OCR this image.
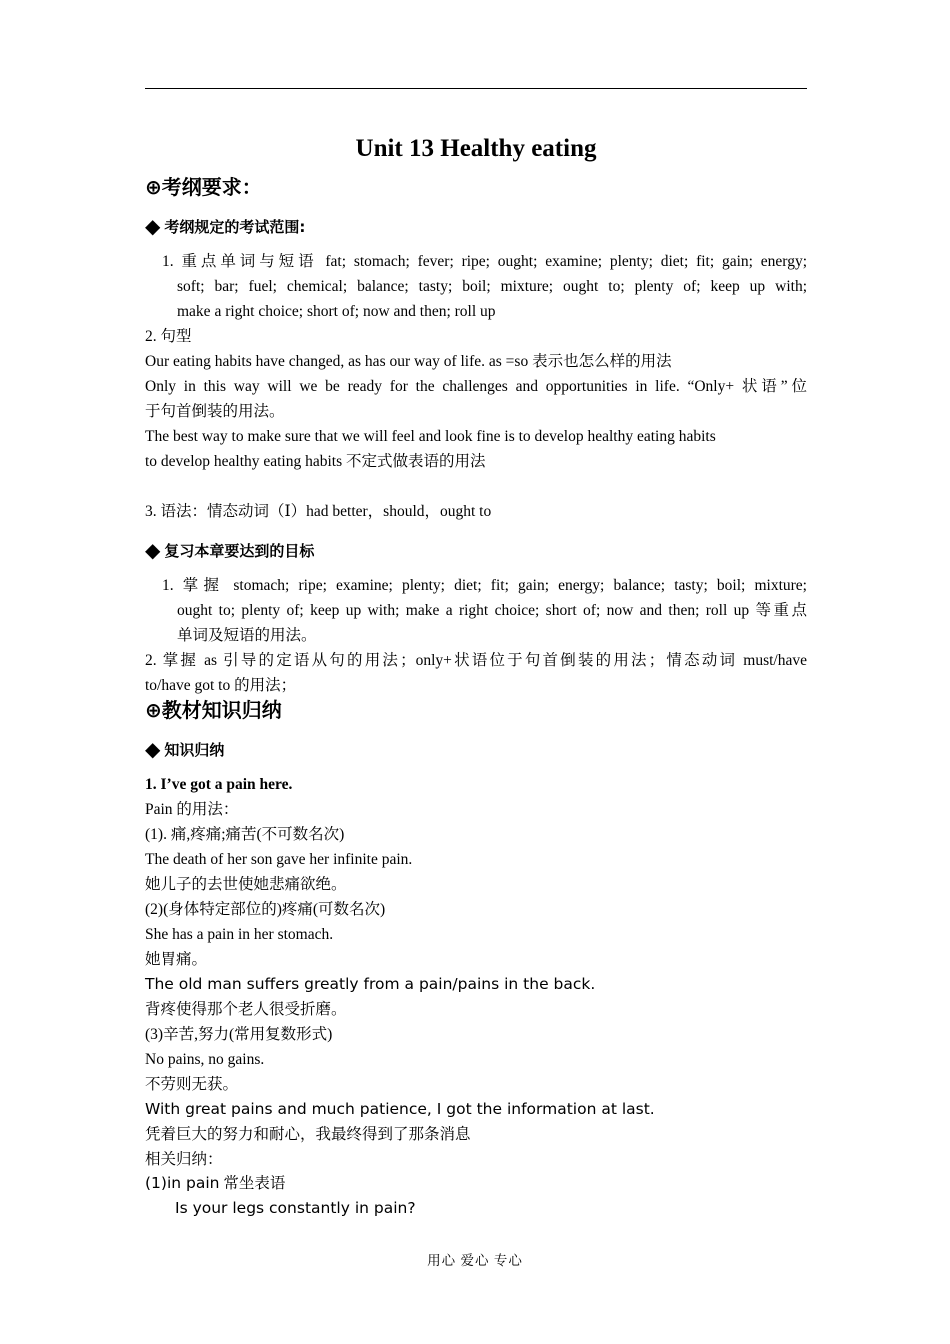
Unit 13 Healthy eating
⊕考纲要求：
◆ 考纲规定的考试范围:
1. 重点单词与短语 fat; stomach; fever; ripe; ought; examine; plenty; diet; fit; gain; energy;
soft; bar; fuel; chemical; balance; tasty; boil; mixture; ought to; plenty of; keep up with;
make a right choice; short of; now and then; roll up
2. 句型
Our eating habits have changed, as has our way of life. as =so 表示也怎么样的用法
Only in this way will we be ready for the challenges and opportunities in life. “Only+ 状语”位
于句首倒装的用法。
The best way to make sure that we will feel and look fine is to develop healthy eating habits
to develop healthy eating habits 不定式做表语的用法
3. 语法：情态动词（Ⅰ）had better，should，ought to
◆ 复习本章要达到的目标
1. 掌握 stomach; ripe; examine; plenty; diet; fit; gain; energy; balance; tasty; boil; mixture;
ought to; plenty of; keep up with; make a right choice; short of; now and then; roll up 等重点
单词及短语的用法。
2. 掌握 as 引导的定语从句的用法；only+状语位于句首倒装的用法；情态动词 must/have
to/have got to 的用法；
⊕教材知识归纳
◆ 知识归纳
1. I’ve got a pain here.
Pain 的用法：
(1). 痛,疼痛;痛苦(不可数名次)
The death of her son gave her infinite pain.
她儿子的去世使她悲痛欲绝。
(2)(身体特定部位的)疼痛(可数名次)
She has a pain in her stomach.
她胃痛。
The old man suffers greatly from a pain/pains in the back.
背疼使得那个老人很受折磨。
(3)辛苦,努力(常用复数形式)
No pains, no gains.
不劳则无获。
With great pains and much patience, I got the information at last.
凭着巨大的努力和耐心，我最终得到了那条消息
相关归纳：
(1)in pain 常坐表语
Is your legs constantly in pain?
用心 爱心 专心
